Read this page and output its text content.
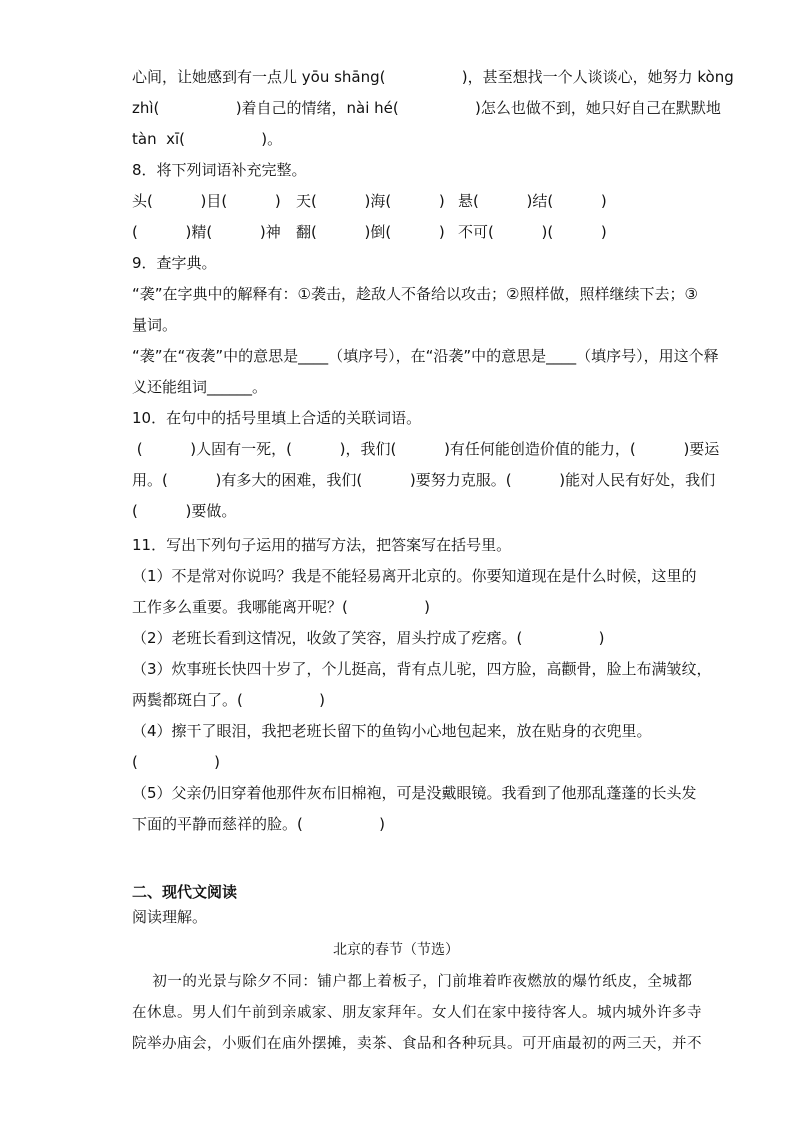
心间，让她感到有一点儿 yōu shāng(                )，甚至想找一个人谈谈心，她努力 kòng
zhì(                )着自己的情绪，nài hé(                )怎么也做不到，她只好自己在默默地
tàn  xī(                )。
8．将下列词语补充完整。
头(          )目(          ) 天(          )海(          ) 悬(          )结(          )
(          )精(          )神 翻(          )倒(          ) 不可(          )(          )
9．查字典。
“袭”在字典中的解释有：①袭击，趁敌人不备给以攻击；②照样做，照样继续下去；③
量词。
“袭”在“夜袭”中的意思是____（填序号），在“沿袭”中的意思是____（填序号），用这个释
义还能组词______。
10．在句中的括号里填上合适的关联词语。
(          )人固有一死，(          )，我们(          )有任何能创造价值的能力，(          )要运
用。(          )有多大的困难，我们(          )要努力克服。(          )能对人民有好处，我们
(          )要做。
11．写出下列句子运用的描写方法，把答案写在括号里。
（1）不是常对你说吗？我是不能轻易离开北京的。你要知道现在是什么时候，这里的
工作多么重要。我哪能离开呢？(                )
（2）老班长看到这情况，收敛了笑容，眉头拧成了疙瘩。(                )
（3）炊事班长快四十岁了，个儿挺高，背有点儿驼，四方脸，高颧骨，脸上布满皱纹，
两鬓都斑白了。(                )
（4）擦干了眼泪，我把老班长留下的鱼钩小心地包起来，放在贴身的衣兜里。
(                )
（5）父亲仍旧穿着他那件灰布旧棉袍，可是没戴眼镜。我看到了他那乱蓬蓬的长头发
下面的平静而慈祥的脸。(                )
二、现代文阅读
阅读理解。
北京的春节（节选）
初一的光景与除夕不同：铺户都上着板子，门前堆着昨夜燃放的爆竹纸皮，全城都
在休息。男人们午前到亲戚家、朋友家拜年。女人们在家中接待客人。城内城外许多寺
院举办庙会，小贩们在庙外摆摊，卖茶、食品和各种玩具。可开庙最初的两三天，并不
